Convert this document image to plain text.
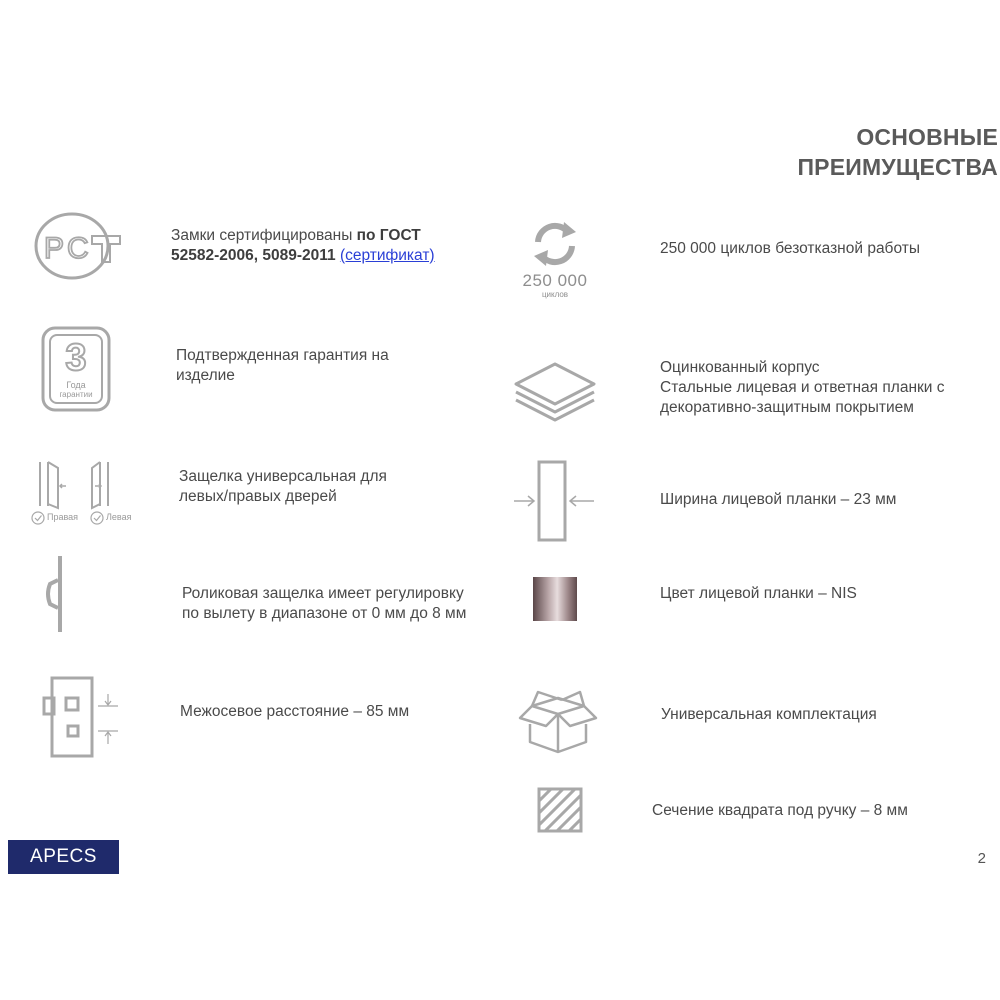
ОСНОВНЫЕ
ПРЕИМУЩЕСТВА
Р С	Замки сертифицированы по ГОСТ
52582-2006, 5089-2011 (сертификат)
3
Года
гарантии
Подтвержденная гарантия на
изделие
Правая	Левая
Защелка универсальная для
левых/правых дверей
Роликовая защелка имеет регулировку
по вылету в диапазоне от 0 мм до 8 мм
Межосевое расстояние – 85 мм
250 000
циклов
250 000 циклов безотказной работы
Оцинкованный корпус
Стальные лицевая и ответная планки с
декоративно-защитным покрытием
Ширина лицевой планки – 23 мм
Цвет лицевой планки – NIS
Универсальная комплектация
Сечение квадрата под ручку – 8 мм
APECS	2
